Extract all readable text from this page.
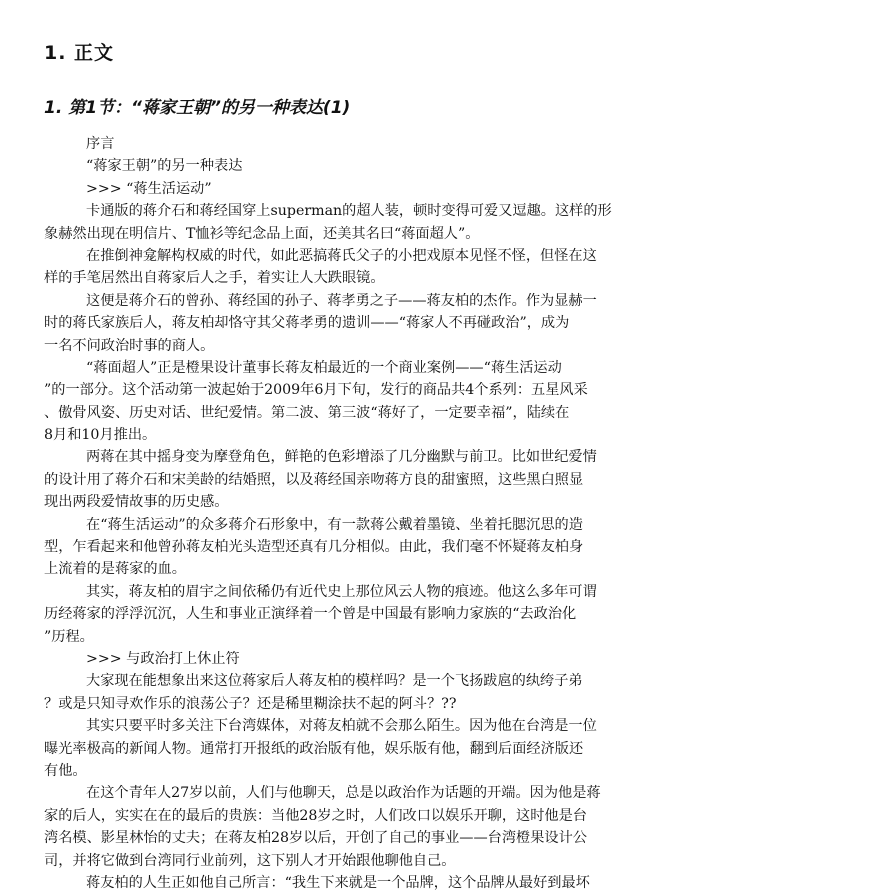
1. 正文
1. 第1节：“蒋家王朝”的另一种表达(1)
序言
“蒋家王朝”的另一种表达
>>> “蒋生活运动”
卡通版的蒋介石和蒋经国穿上superman的超人装，顿时变得可爱又逗趣。这样的形
象赫然出现在明信片、T恤衫等纪念品上面，还美其名曰“蒋面超人”。
在推倒神龛解构权威的时代，如此恶搞蒋氏父子的小把戏原本见怪不怪，但怪在这
样的手笔居然出自蒋家后人之手，着实让人大跌眼镜。
这便是蒋介石的曾孙、蒋经国的孙子、蒋孝勇之子——蒋友柏的杰作。作为显赫一
时的蒋氏家族后人，蒋友柏却恪守其父蒋孝勇的遗训——“蒋家人不再碰政治”，成为
一名不问政治时事的商人。
“蒋面超人”正是橙果设计董事长蒋友柏最近的一个商业案例——“蒋生活运动
”的一部分。这个活动第一波起始于2009年6月下旬，发行的商品共4个系列：五星风采
、傲骨风姿、历史对话、世纪爱情。第二波、第三波“蒋好了，一定要幸福”，陆续在
8月和10月推出。
两蒋在其中摇身变为摩登角色，鲜艳的色彩增添了几分幽默与前卫。比如世纪爱情
的设计用了蒋介石和宋美龄的结婚照，以及蒋经国亲吻蒋方良的甜蜜照，这些黑白照显
现出两段爱情故事的历史感。
在“蒋生活运动”的众多蒋介石形象中，有一款蒋公戴着墨镜、坐着托腮沉思的造
型，乍看起来和他曾孙蒋友柏光头造型还真有几分相似。由此，我们毫不怀疑蒋友柏身
上流着的是蒋家的血。
其实，蒋友柏的眉宇之间依稀仍有近代史上那位风云人物的痕迹。他这么多年可谓
历经蒋家的浮浮沉沉，人生和事业正演绎着一个曾是中国最有影响力家族的“去政治化
”历程。
>>> 与政治打上休止符
大家现在能想象出来这位蒋家后人蒋友柏的模样吗？是一个飞扬跋扈的纨绔子弟
？或是只知寻欢作乐的浪荡公子？还是稀里糊涂扶不起的阿斗？??
其实只要平时多关注下台湾媒体，对蒋友柏就不会那么陌生。因为他在台湾是一位
曝光率极高的新闻人物。通常打开报纸的政治版有他，娱乐版有他，翻到后面经济版还
有他。
在这个青年人27岁以前，人们与他聊天，总是以政治作为话题的开端。因为他是蒋
家的后人，实实在在的最后的贵族：当他28岁之时，人们改口以娱乐开聊，这时他是台
湾名模、影星林怡的丈夫；在蒋友柏28岁以后，开创了自己的事业——台湾橙果设计公
司，并将它做到台湾同行业前列，这下别人才开始跟他聊他自己。
蒋友柏的人生正如他自己所言：“我生下来就是一个品牌，这个品牌从最好到最坏
